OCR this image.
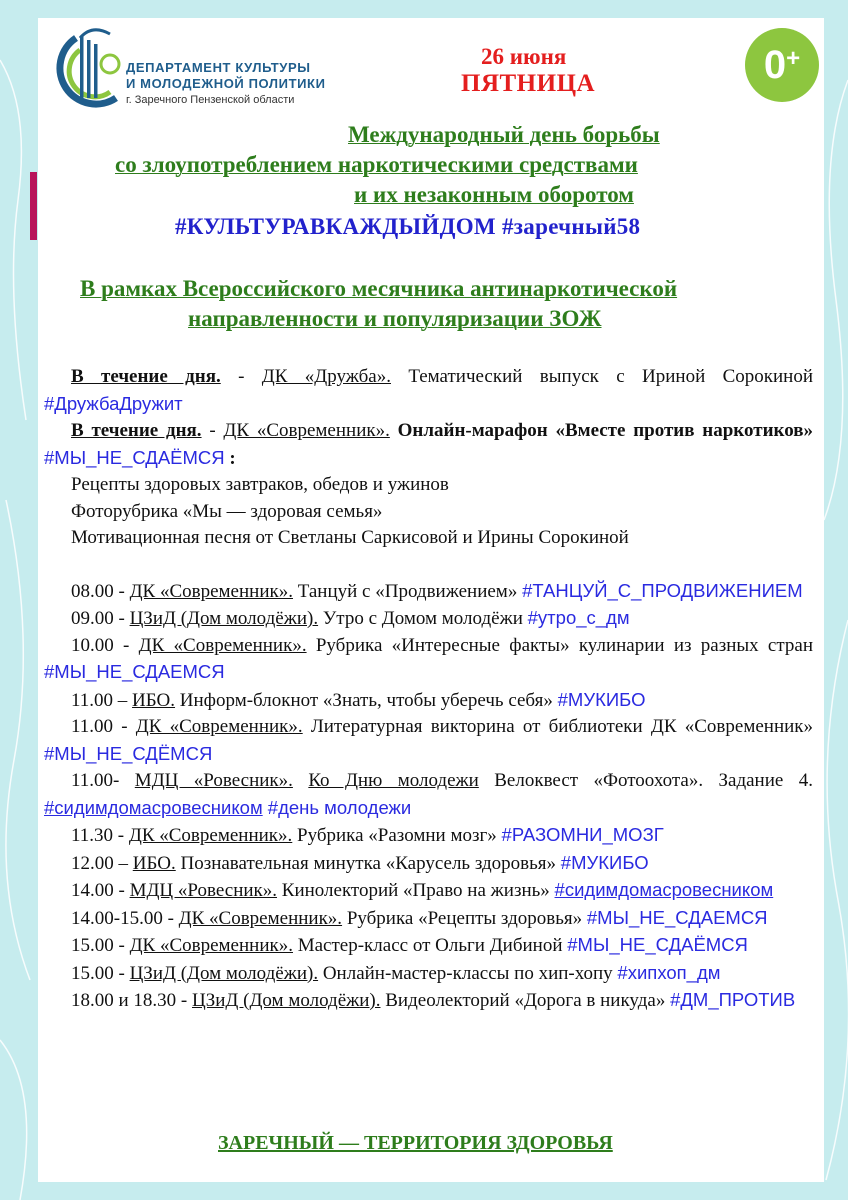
ДЕПАРТАМЕНТ КУЛЬТУРЫ
И МОЛОДЕЖНОЙ ПОЛИТИКИ
г. Заречного Пензенской области
0+
26 июня
ПЯТНИЦА
Международный день борьбы
со злоупотреблением наркотическими средствами
и их незаконным оборотом
#КУЛЬТУРАВКАЖДЫЙДОМ #заречный58
В рамках Всероссийского месячника антинаркотической
направленности и популяризации ЗОЖ

В течение дня. - ДК «Дружба». Тематический выпуск с Ириной Сорокиной #ДружбаДружит

В течение дня. - ДК «Современник». Онлайн-марафон «Вместе против наркотиков» #МЫ_НЕ_СДАЁМСЯ :

Рецепты здоровых завтраков, обедов и ужинов

Фоторубрика «Мы — здоровая семья»

Мотивационная песня от Светланы Саркисовой и Ирины Сорокиной

08.00 - ДК «Современник». Танцуй с «Продвижением» #ТАНЦУЙ_С_ПРОДВИЖЕНИЕМ

09.00 - ЦЗиД (Дом молодёжи). Утро с Домом молодёжи #утро_с_дм

10.00 - ДК «Современник». Рубрика «Интересные факты» кулинарии из разных стран #МЫ_НЕ_СДАЕМСЯ

11.00 – ИБО. Информ-блокнот «Знать, чтобы уберечь себя» #МУКИБО

11.00 - ДК «Современник». Литературная викторина от библиотеки ДК «Современник» #МЫ_НЕ_СДЁМСЯ

11.00- МДЦ «Ровесник». Ко Дню молодежи Велоквест «Фотоохота». Задание 4. #сидимдомасровесником #день молодежи

11.30 - ДК «Современник». Рубрика «Разомни мозг» #РАЗОМНИ_МОЗГ

12.00 – ИБО. Познавательная минутка «Карусель здоровья» #МУКИБО

14.00 - МДЦ «Ровесник». Кинолекторий «Право на жизнь» #сидимдомасровесником

14.00-15.00 - ДК «Современник». Рубрика «Рецепты здоровья» #МЫ_НЕ_СДАЕМСЯ

15.00 - ДК «Современник». Мастер-класс от Ольги Дибиной #МЫ_НЕ_СДАЁМСЯ

15.00 - ЦЗиД (Дом молодёжи). Онлайн-мастер-классы по хип-хопу #хипхоп_дм

18.00 и 18.30 - ЦЗиД (Дом молодёжи). Видеолекторий «Дорога в никуда» #ДМ_ПРОТИВ

ЗАРЕЧНЫЙ — ТЕРРИТОРИЯ ЗДОРОВЬЯ
